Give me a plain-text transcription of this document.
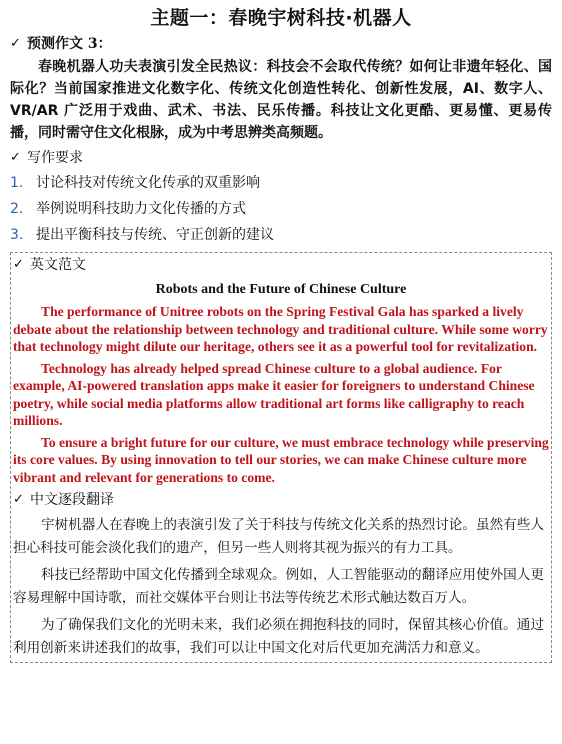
主题一：春晚宇树科技·机器人
✓ 预测作文 3：

春晚机器人功夫表演引发全民热议：科技会不会取代传统？如何让非遗年轻化、国际化？当前国家推进文化数字化、传统文化创造性转化、创新性发展，AI、数字人、VR/AR 广泛用于戏曲、武术、书法、民乐传播。科技让文化更酷、更易懂、更易传播，同时需守住文化根脉，成为中考思辨类高频题。

✓ 写作要求
1. 讨论科技对传统文化传承的双重影响
2. 举例说明科技助力文化传播的方式
3. 提出平衡科技与传统、守正创新的建议
✓ 英文范文
Robots and the Future of Chinese Culture

The performance of Unitree robots on the Spring Festival Gala has sparked a lively debate about the relationship between technology and traditional culture. While some worry that technology might dilute our heritage, others see it as a powerful tool for revitalization.

Technology has already helped spread Chinese culture to a global audience. For example, AI-powered translation apps make it easier for foreigners to understand Chinese poetry, while social media platforms allow traditional art forms like calligraphy to reach millions.

To ensure a bright future for our culture, we must embrace technology while preserving its core values. By using innovation to tell our stories, we can make Chinese culture more vibrant and relevant for generations to come.

✓ 中文逐段翻译

宇树机器人在春晚上的表演引发了关于科技与传统文化关系的热烈讨论。虽然有些人担心科技可能会淡化我们的遗产，但另一些人则将其视为振兴的有力工具。

科技已经帮助中国文化传播到全球观众。例如，人工智能驱动的翻译应用使外国人更容易理解中国诗歌，而社交媒体平台则让书法等传统艺术形式触达数百万人。

为了确保我们文化的光明未来，我们必须在拥抱科技的同时，保留其核心价值。通过利用创新来讲述我们的故事，我们可以让中国文化对后代更加充满活力和意义。
